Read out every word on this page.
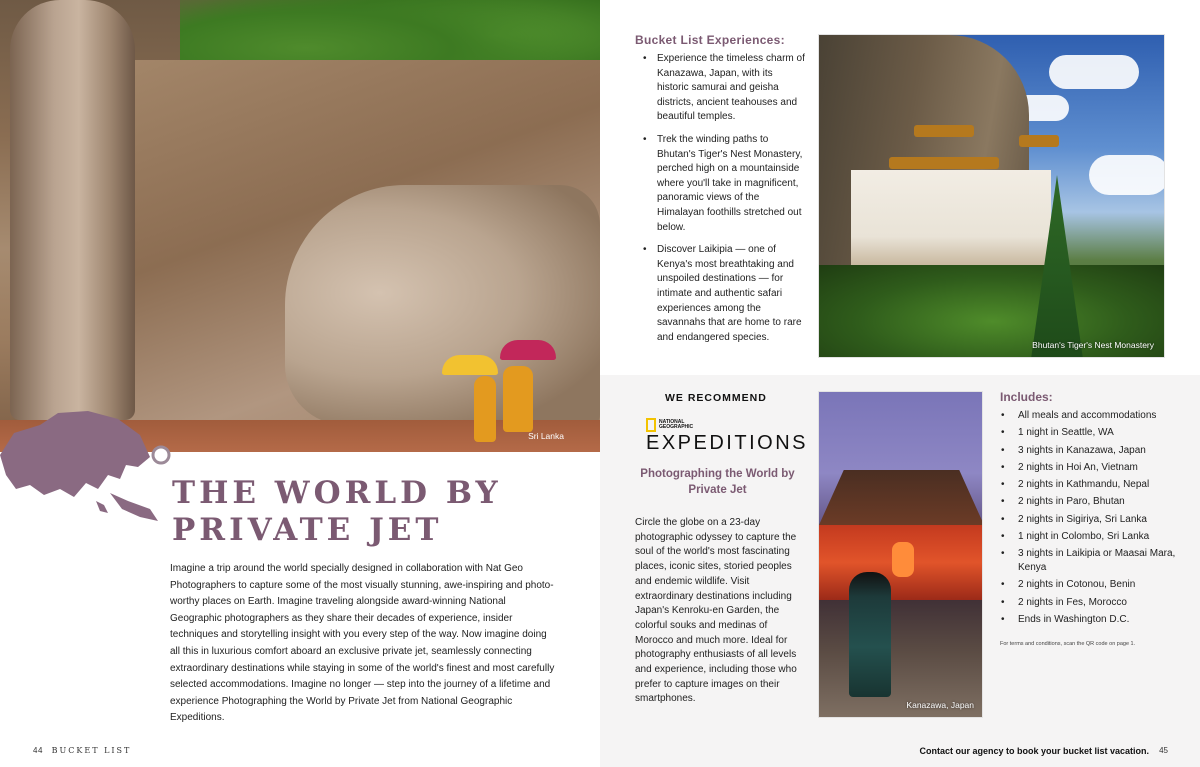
Sri Lanka
THE WORLD BY
PRIVATE JET

Imagine a trip around the world specially designed in collaboration with Nat Geo Photographers to capture some of the most visually stunning, awe-inspiring and photo-worthy places on Earth. Imagine traveling alongside award-winning National Geographic photographers as they share their decades of experience, insider techniques and storytelling insight with you every step of the way. Now imagine doing all this in luxurious comfort aboard an exclusive private jet, seamlessly connecting extraordinary destinations while staying in some of the world's finest and most carefully selected accommodations. Imagine no longer — step into the journey of a lifetime and experience Photographing the World by Private Jet from National Geographic Expeditions.

44 BUCKET LIST
Bucket List Experiences:
• Experience the timeless charm of Kanazawa, Japan, with its historic samurai and geisha districts, ancient teahouses and beautiful temples.
• Trek the winding paths to Bhutan's Tiger's Nest Monastery, perched high on a mountainside where you'll take in magnificent, panoramic views of the Himalayan foothills stretched out below.
• Discover Laikipia — one of Kenya's most breathtaking and unspoiled destinations — for intimate and authentic safari experiences among the savannahs that are home to rare and endangered species.
Bhutan's Tiger's Nest Monastery
WE RECOMMEND
NATIONAL GEOGRAPHIC
EXPEDITIONS
Photographing the World by Private Jet

Circle the globe on a 23-day photographic odyssey to capture the soul of the world's most fascinating places, iconic sites, storied peoples and endemic wildlife. Visit extraordinary destinations including Japan's Kenroku-en Garden, the colorful souks and medinas of Morocco and much more. Ideal for photography enthusiasts of all levels and experience, including those who prefer to capture images on their smartphones.

Kanazawa, Japan
Includes:
• All meals and accommodations
• 1 night in Seattle, WA
• 3 nights in Kanazawa, Japan
• 2 nights in Hoi An, Vietnam
• 2 nights in Kathmandu, Nepal
• 2 nights in Paro, Bhutan
• 2 nights in Sigiriya, Sri Lanka
• 1 night in Colombo, Sri Lanka
• 3 nights in Laikipia or Maasai Mara, Kenya
• 2 nights in Cotonou, Benin
• 2 nights in Fes, Morocco
• Ends in Washington D.C.

For terms and conditions, scan the QR code on page 1.

Contact our agency to book your bucket list vacation. 45
